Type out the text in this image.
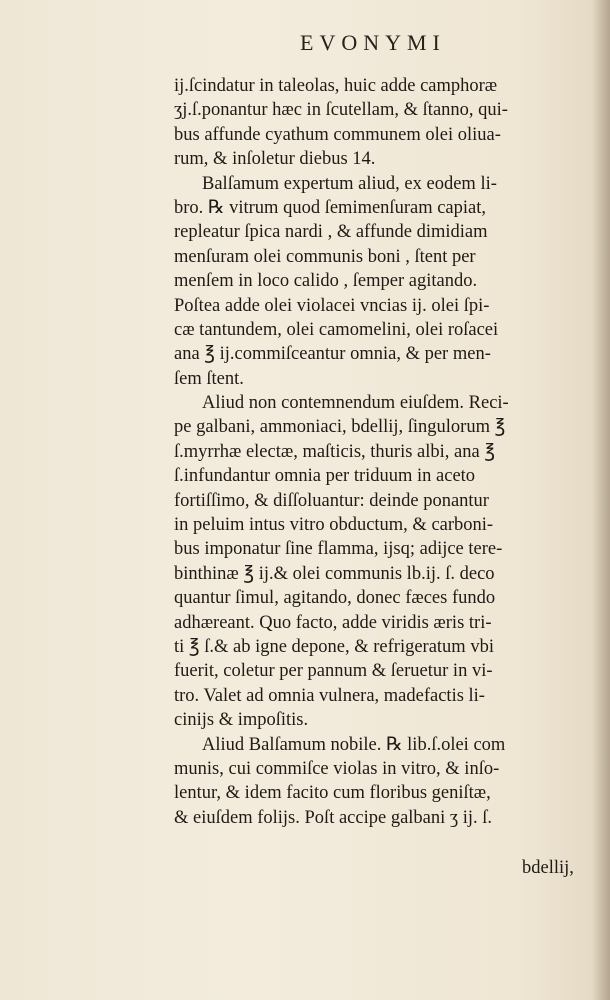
EVONYMI
ij.ſcindatur in taleolas, huic adde camphoræ
ʒj.ſ.ponantur hæc in ſcutellam, & ſtanno, qui-
bus affunde cyathum communem olei oliua-
rum, & inſoletur diebus 14.
Balſamum expertum aliud, ex eodem li-
bro. ℞ vitrum quod ſemimenſuram capiat,
repleatur ſpica nardi , & affunde dimidiam
menſuram olei communis boni , ſtent per
menſem in loco calido , ſemper agitando.
Poſtea adde olei violacei vncias ij. olei ſpi-
cæ tantundem, olei camomelini, olei roſacei
ana ℥ ij.commiſceantur omnia, & per men-
ſem ſtent.
Aliud non contemnendum eiuſdem. Reci-
pe galbani, ammoniaci, bdellij, ſingulorum ℥
ſ.myrrhæ electæ, maſticis, thuris albi, ana ℥
ſ.infundantur omnia per triduum in aceto
fortiſſimo, & diſſoluantur: deinde ponantur
in peluim intus vitro obductum, & carboni-
bus imponatur ſine flamma, ijsq; adijce tere-
binthinæ ℥ ij.& olei communis lb.ij. ſ. deco
quantur ſimul, agitando, donec fæces fundo
adhæreant. Quo facto, adde viridis æris tri-
ti ℥ ſ.& ab igne depone, & refrigeratum vbi
fuerit, coletur per pannum & ſeruetur in vi-
tro. Valet ad omnia vulnera, madefactis li-
cinijs & impoſitis.
Aliud Balſamum nobile. ℞ lib.ſ.olei com
munis, cui commiſce violas in vitro, & inſo-
lentur, & idem facito cum floribus geniſtæ,
& eiuſdem folijs. Poſt accipe galbani ʒ ij. ſ.
bdellij,
